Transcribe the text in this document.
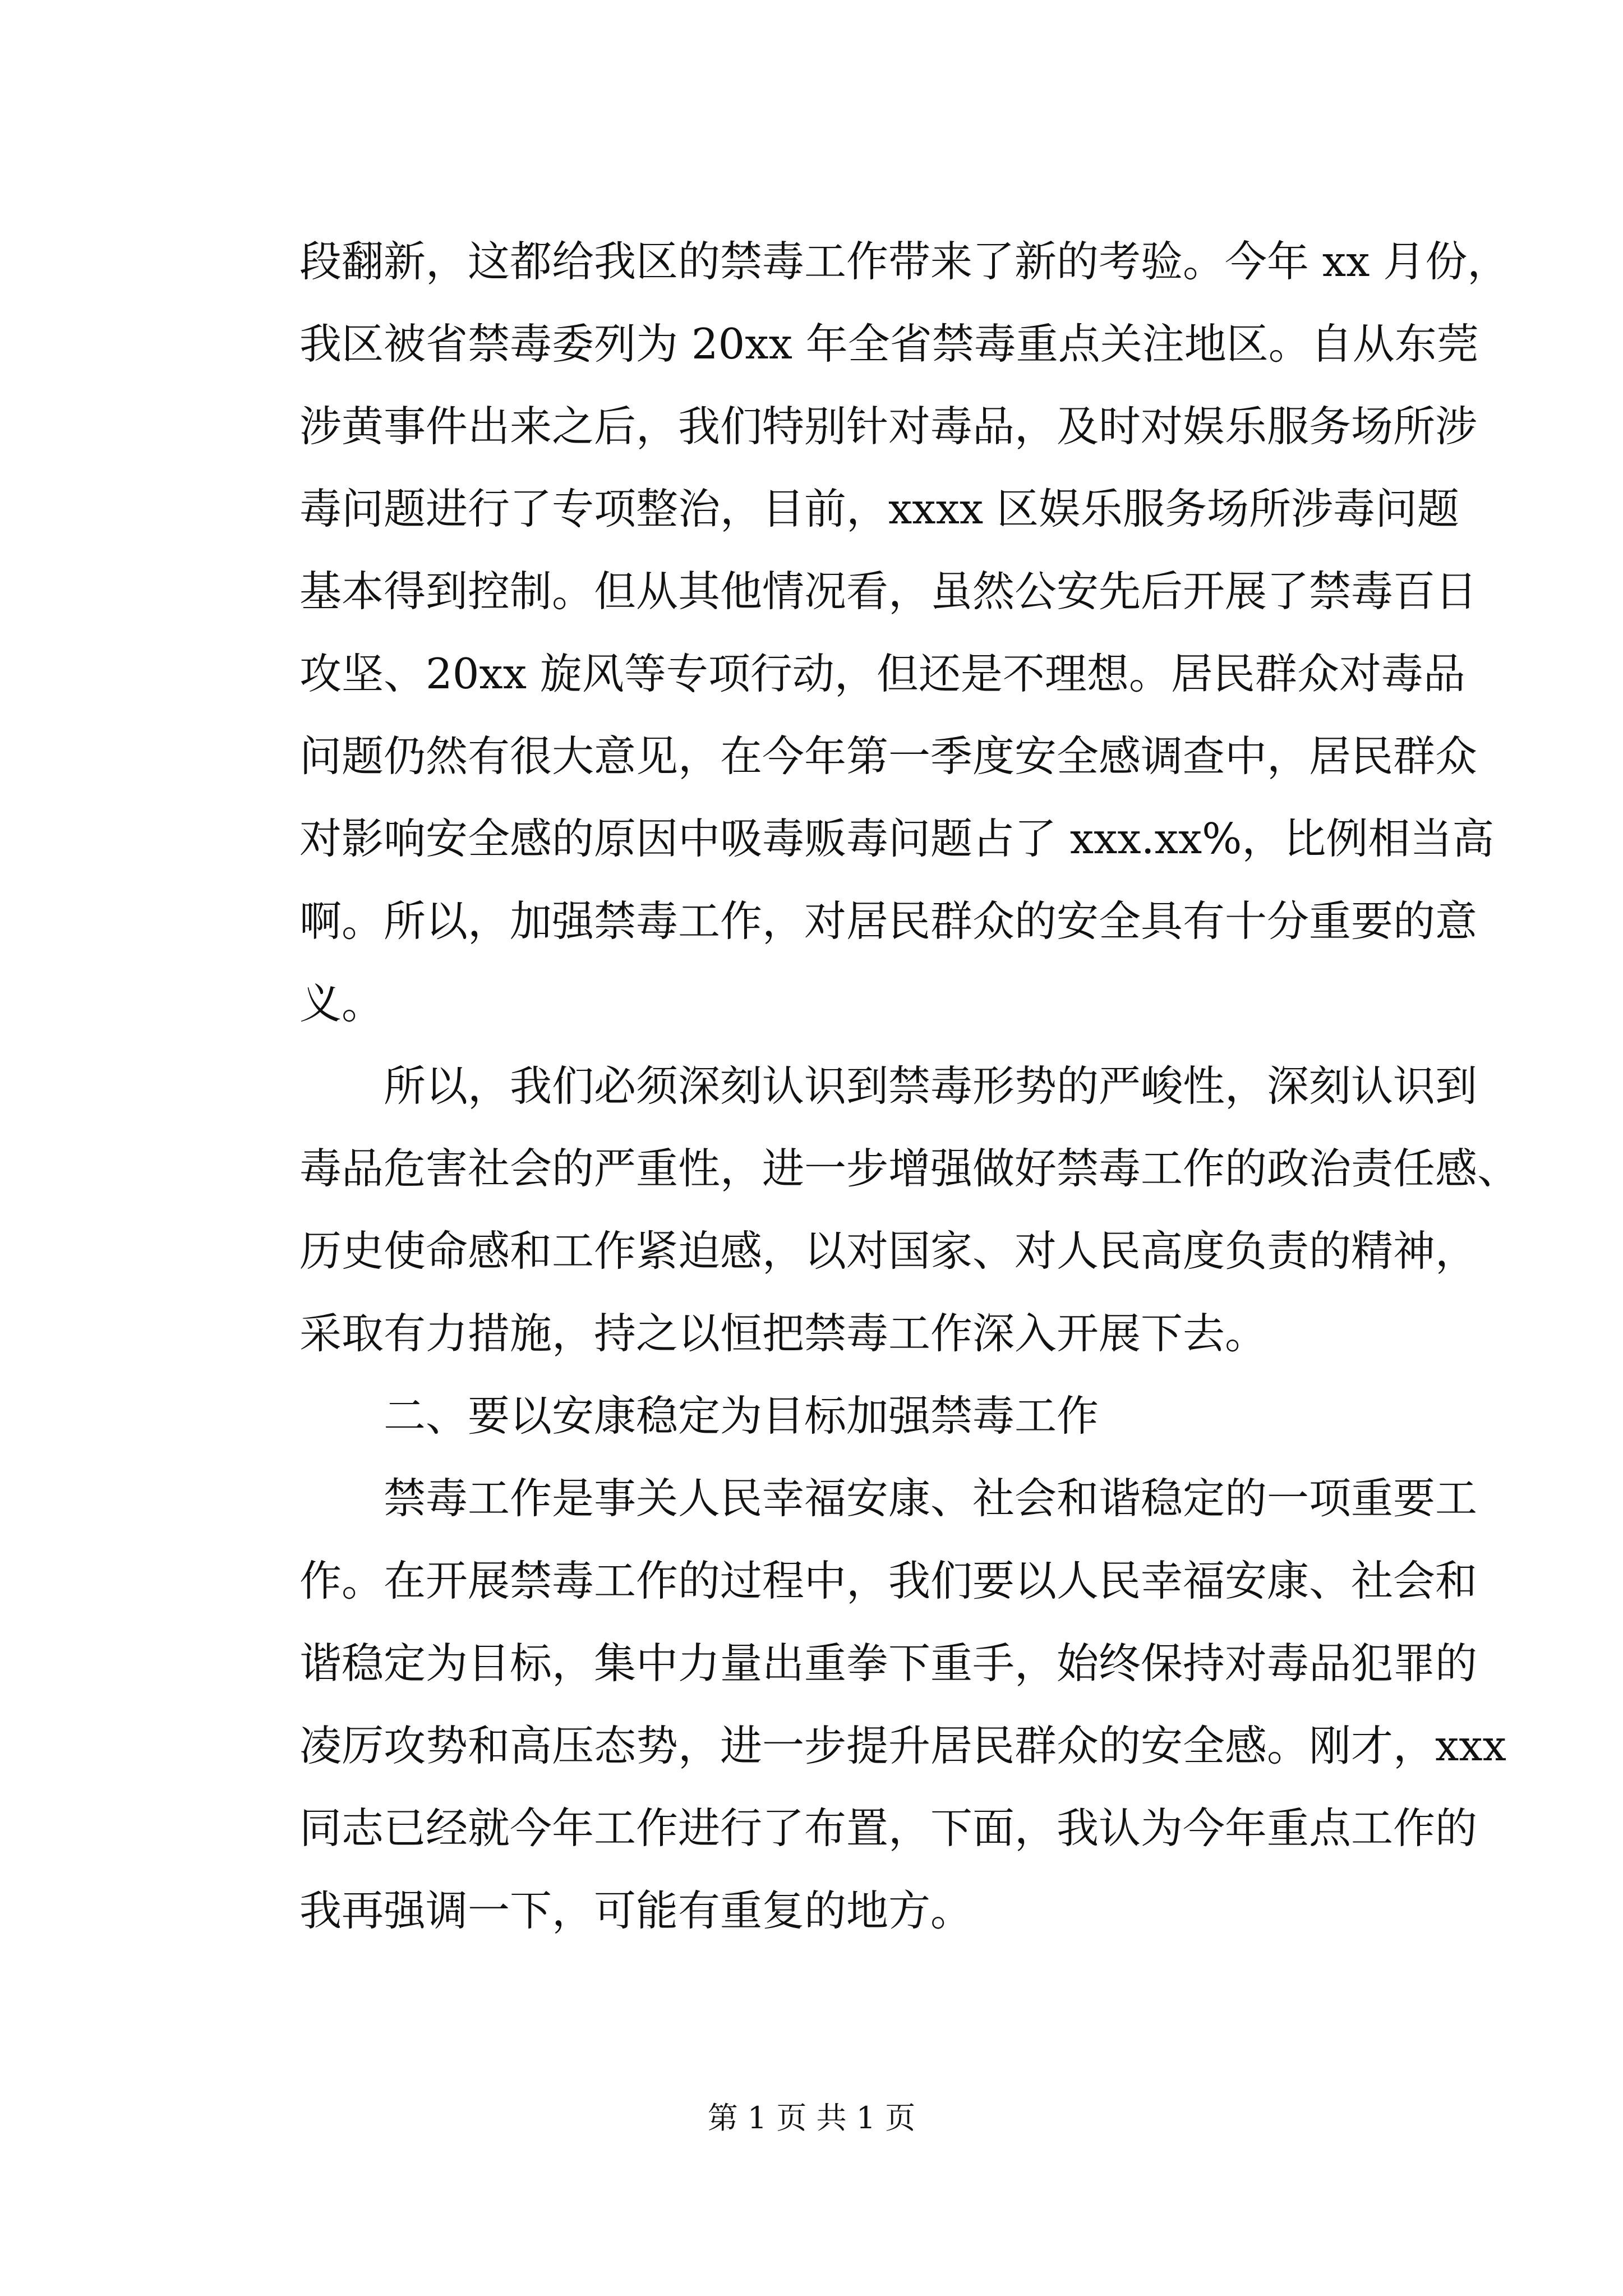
段翻新，这都给我区的禁毒工作带来了新的考验。今年 xx 月份，
我区被省禁毒委列为 20xx 年全省禁毒重点关注地区。自从东莞
涉黄事件出来之后，我们特别针对毒品，及时对娱乐服务场所涉
毒问题进行了专项整治，目前，xxxx 区娱乐服务场所涉毒问题
基本得到控制。但从其他情况看，虽然公安先后开展了禁毒百日
攻坚、20xx 旋风等专项行动，但还是不理想。居民群众对毒品
问题仍然有很大意见，在今年第一季度安全感调查中，居民群众
对影响安全感的原因中吸毒贩毒问题占了 xxx.xx%，比例相当高
啊。所以，加强禁毒工作，对居民群众的安全具有十分重要的意
义。
　　所以，我们必须深刻认识到禁毒形势的严峻性，深刻认识到
毒品危害社会的严重性，进一步增强做好禁毒工作的政治责任感、
历史使命感和工作紧迫感，以对国家、对人民高度负责的精神，
采取有力措施，持之以恒把禁毒工作深入开展下去。
　　二、要以安康稳定为目标加强禁毒工作
　　禁毒工作是事关人民幸福安康、社会和谐稳定的一项重要工
作。在开展禁毒工作的过程中，我们要以人民幸福安康、社会和
谐稳定为目标，集中力量出重拳下重手，始终保持对毒品犯罪的
凌厉攻势和高压态势，进一步提升居民群众的安全感。刚才，xxx
同志已经就今年工作进行了布置，下面，我认为今年重点工作的
我再强调一下，可能有重复的地方。
第 1 页 共 1 页
